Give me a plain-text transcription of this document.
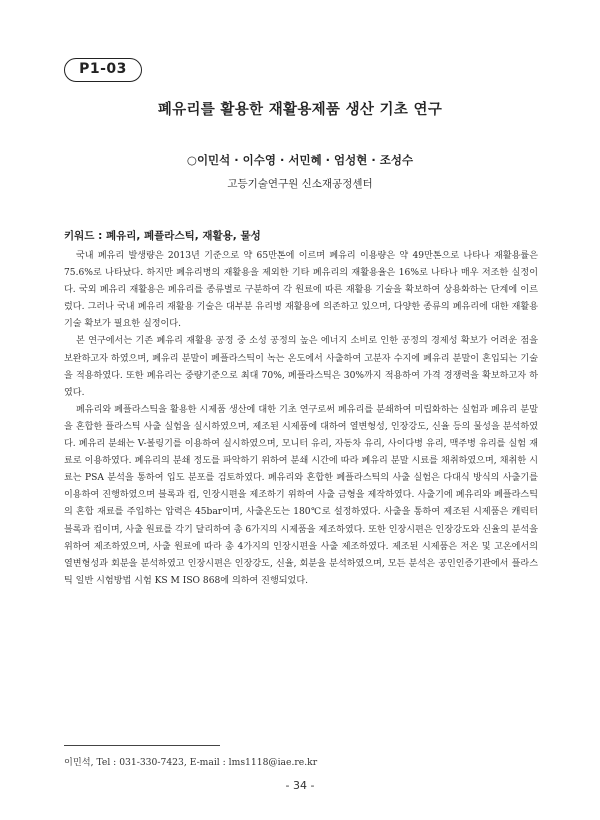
P1-03
폐유리를 활용한 재활용제품 생산 기초 연구
○이민석 · 이수영 · 서민혜 · 엄성현 · 조성수
고등기술연구원 신소재공정센터
키워드 : 폐유리, 폐플라스틱, 재활용, 물성

국내 폐유리 발생량은 2013년 기준으로 약 65만톤에 이르며 폐유리 이용량은 약 49만톤으로 나타나 재활용률은 75.6%로 나타났다. 하지만 폐유리병의 재활용을 제외한 기타 폐유리의 재활용율은 16%로 나타나 매우 저조한 실정이다. 국외 폐유리 재활용은 폐유리를 종류별로 구분하여 각 원료에 따른 재활용 기술을 확보하여 상용화하는 단계에 이르렀다. 그러나 국내 폐유리 재활용 기술은 대부분 유리병 재활용에 의존하고 있으며, 다양한 종류의 폐유리에 대한 재활용 기술 확보가 필요한 실정이다.

본 연구에서는 기존 폐유리 재활용 공정 중 소성 공정의 높은 에너지 소비로 인한 공정의 경제성 확보가 어려운 점을 보완하고자 하였으며, 폐유리 분말이 폐플라스틱이 녹는 온도에서 사출하여 고분자 수지에 폐유리 분말이 혼입되는 기술을 적용하였다. 또한 폐유리는 중량기준으로 최대 70%, 폐플라스틱은 30%까지 적용하여 가격 경쟁력을 확보하고자 하였다.

폐유리와 폐플라스틱을 활용한 시제품 생산에 대한 기초 연구로써 폐유리를 분쇄하여 미립화하는 실험과 폐유리 분말을 혼합한 플라스틱 사출 실험을 실시하였으며, 제조된 시제품에 대하여 열변형성, 인장강도, 신율 등의 물성을 분석하였다. 폐유리 분쇄는 V-볼링기를 이용하여 실시하였으며, 모니터 유리, 자동차 유리, 사이다병 유리, 맥주병 유리를 실험 재료로 이용하였다. 폐유리의 분쇄 정도를 파악하기 위하여 분쇄 시간에 따라 폐유리 분말 시료를 채취하였으며, 채취한 시료는 PSA 분석을 통하여 입도 분포를 검토하였다. 폐유리와 혼합한 폐플라스틱의 사출 실험은 다대식 방식의 사출기를 이용하여 진행하였으며 블록과 컵, 인장시편을 제조하기 위하여 사출 금형을 제작하였다. 사출기에 폐유리와 폐플라스틱의 혼합 재료를 주입하는 압력은 45bar이며, 사출온도는 180℃로 설정하였다. 사출을 통하여 제조된 시제품은 캐릭터 블록과 컵이며, 사출 원료를 각기 달리하여 총 6가지의 시제품을 제조하였다. 또한 인장시편은 인장강도와 신율의 분석을 위하여 제조하였으며, 사출 원료에 따라 총 4가지의 인장시편을 사출 제조하였다. 제조된 시제품은 저온 및 고온에서의 열변형성과 회분을 분석하였고 인장시편은 인장강도, 신율, 회분을 분석하였으며, 모든 분석은 공인인증기관에서 플라스틱 일반 시험방법 시험 KS M ISO 868에 의하여 진행되었다.

이민석, Tel : 031-330-7423, E-mail : lms1118@iae.re.kr
- 34 -
